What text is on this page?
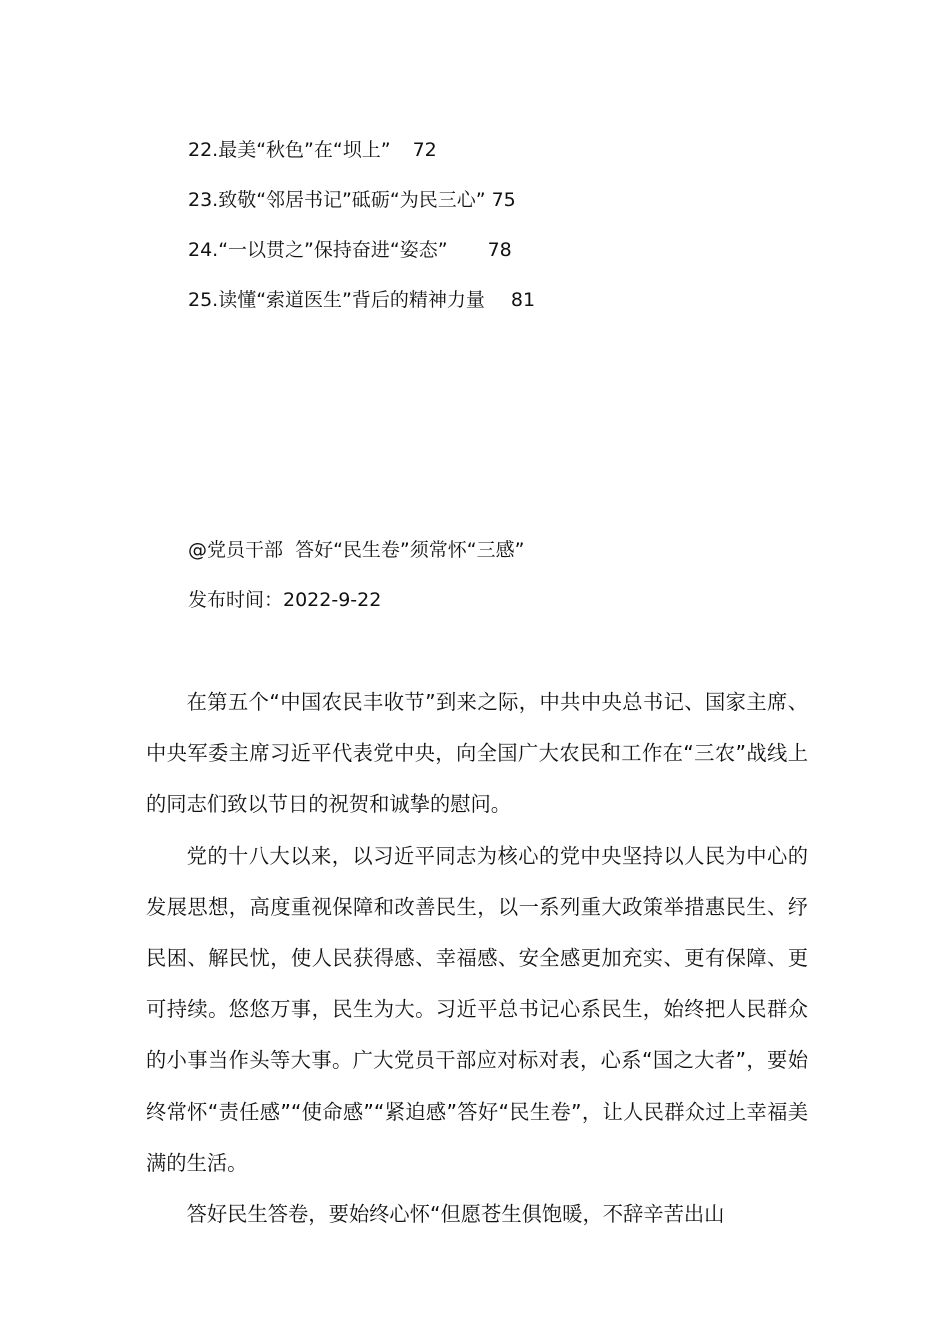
22.最美“秋色”在“坝上” 72
23.致敬“邻居书记”砥砺“为民三心” 75
24.“一以贯之”保持奋进“姿态” 78
25.读懂“索道医生”背后的精神力量 81
@党员干部  答好“民生卷”须常怀“三感”
发布时间：2022-9-22

在第五个“中国农民丰收节”到来之际，中共中央总书记、国家主席、中央军委主席习近平代表党中央，向全国广大农民和工作在“三农”战线上的同志们致以节日的祝贺和诚挚的慰问。

党的十八大以来，以习近平同志为核心的党中央坚持以人民为中心的发展思想，高度重视保障和改善民生，以一系列重大政策举措惠民生、纾民困、解民忧，使人民获得感、幸福感、安全感更加充实、更有保障、更可持续。悠悠万事，民生为大。习近平总书记心系民生，始终把人民群众的小事当作头等大事。广大党员干部应对标对表，心系“国之大者”，要始终常怀“责任感”“使命感”“紧迫感”答好“民生卷”，让人民群众过上幸福美满的生活。

答好民生答卷，要始终心怀“但愿苍生俱饱暖，不辞辛苦出山
